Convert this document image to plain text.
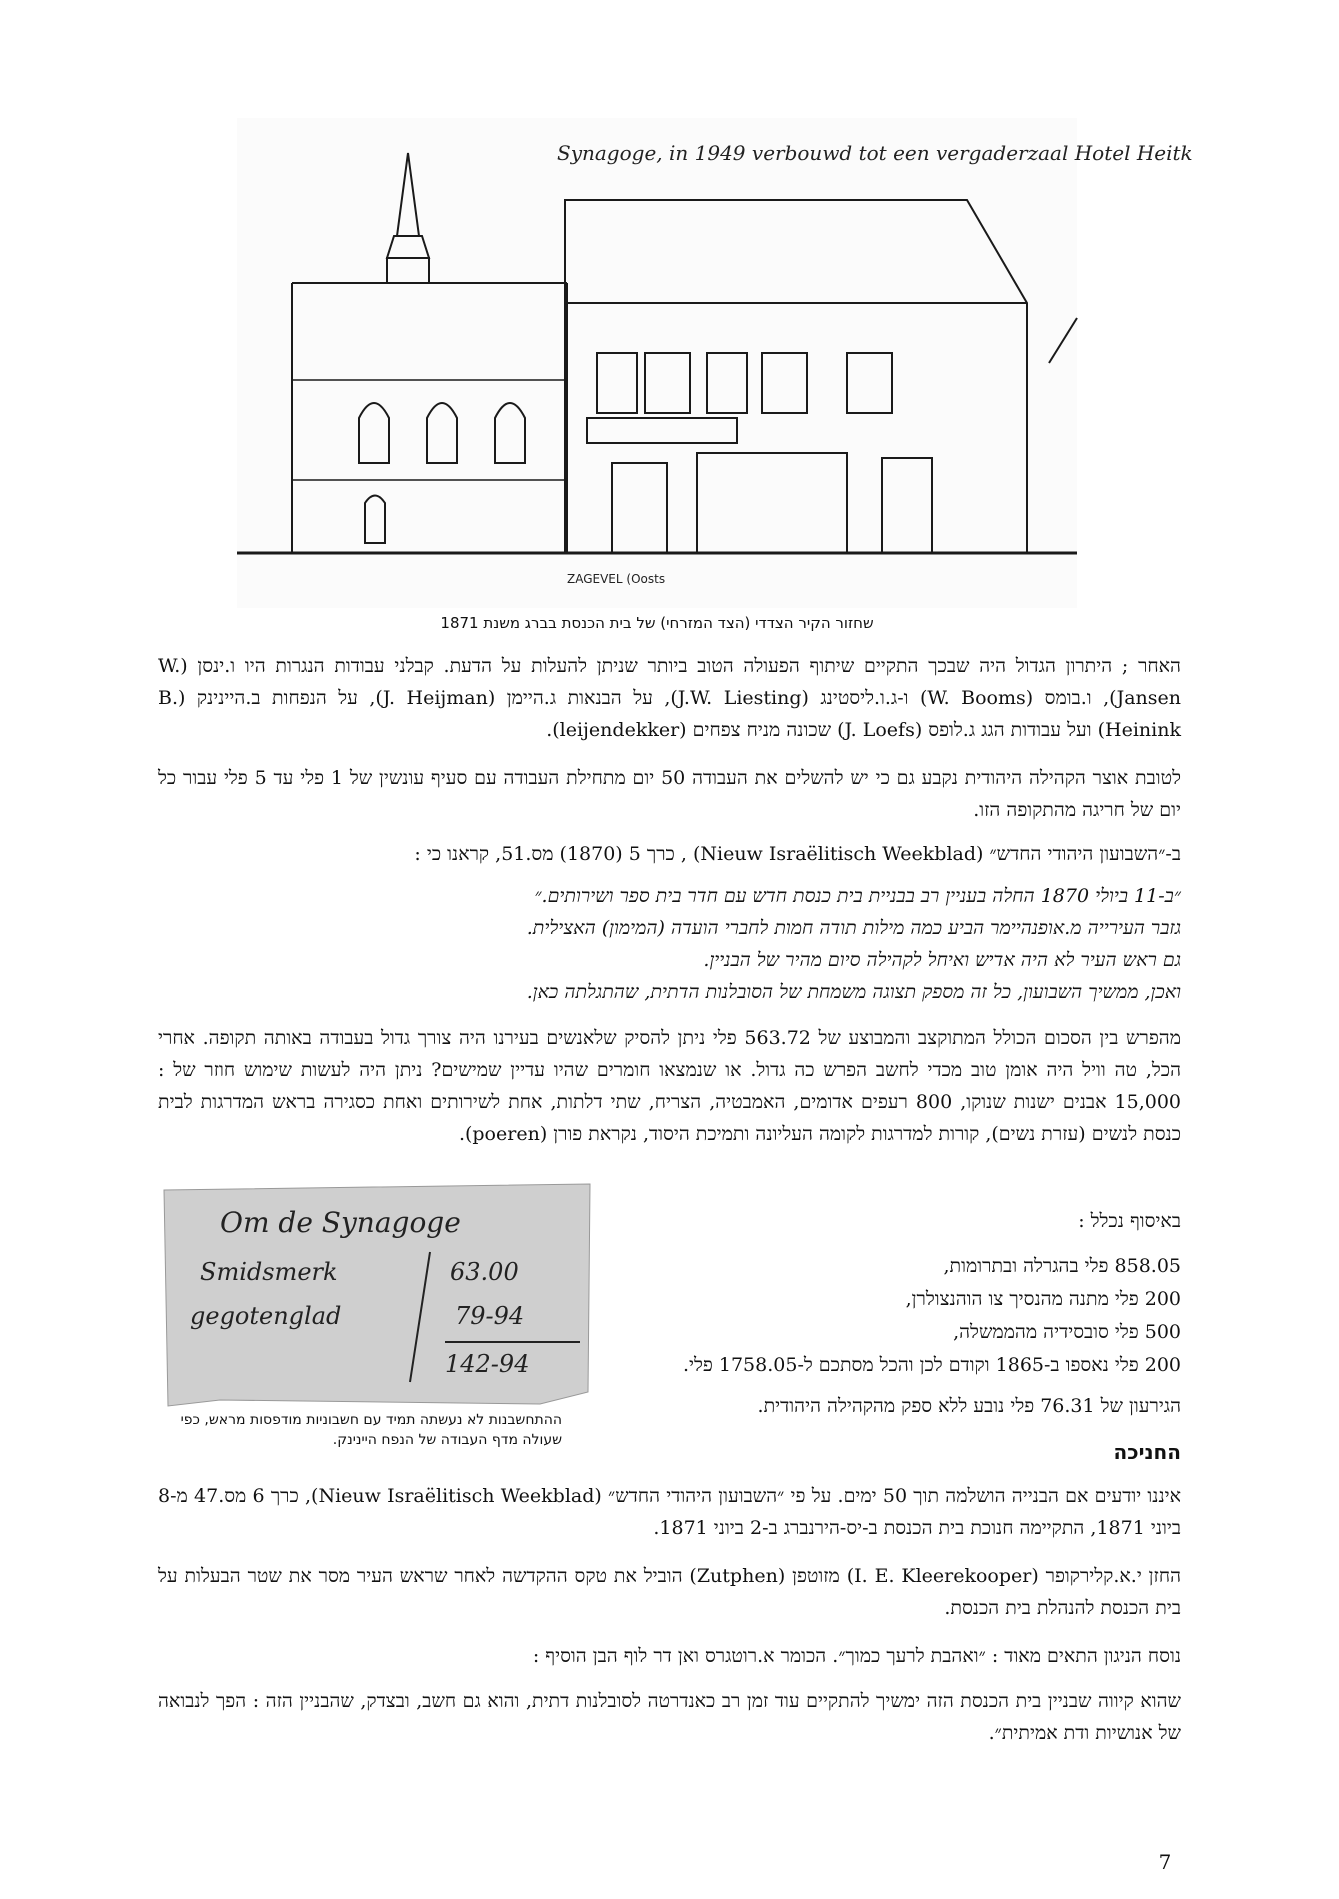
Synagoge, in 1949 verbouwd tot een vergaderzaal Hotel Heitk
ZAGEVEL (Oosts
שחזור הקיר הצדדי (הצד המזרחי) של בית הכנסת בברג משנת 1871

האחר ; היתרון הגדול היה שבכך התקיים שיתוף הפעולה הטוב ביותר שניתן להעלות על הדעת. קבלני עבודות הנגרות היו ו.ינסן (W. Jansen), ו.בומס (W. Booms) ו-ג.ו.ליסטינג (J.W. Liesting), על הבנאות ג.היימן (J. Heijman), על הנפחות ב.היינינק (B. Heinink) ועל עבודות הגג ג.לופס (J. Loefs) שכונה מניח צפחים (leijendekker).

לטובת אוצר הקהילה היהודית נקבע גם כי יש להשלים את העבודה 50 יום מתחילת העבודה עם סעיף עונשין של 1 פלי עד 5 פלי עבור כל יום של חריגה מהתקופה הזו.

ב-״השבועון היהודי החדש״ (Nieuw Israëlitisch Weekblad) , כרך 5 (1870) מס.51, קראנו כי :

״ב-11 ביולי 1870 החלה בעניין רב בבניית בית כנסת חדש עם חדר בית ספר ושירותים.״
גזבר העירייה מ.אופנהיימר הביע כמה מילות תודה חמות לחברי הועדה (המימון) האצילית.
גם ראש העיר לא היה אדיש ואיחל לקהילה סיום מהיר של הבניין.
ואכן, ממשיך השבועון, כל זה מספק תצוגה משמחת של הסובלנות הדתית, שהתגלתה כאן.

מהפרש בין הסכום הכולל המתוקצב והמבוצע של 563.72 פלי ניתן להסיק שלאנשים בעירנו היה צורך גדול בעבודה באותה תקופה. אחרי הכל, טה וויל היה אומן טוב מכדי לחשב הפרש כה גדול. או שנמצאו חומרים שהיו עדיין שמישים? ניתן היה לעשות שימוש חוזר של : 15,000 אבנים ישנות שנוקו, 800 רעפים אדומים, האמבטיה, הצריח, שתי דלתות, אחת לשירותים ואחת כסגירה בראש המדרגות לבית כנסת לנשים (עזרת נשים), קורות למדרגות לקומה העליונה ותמיכת היסוד, נקראת פורן (poeren).

Om de Synagoge
Smidsmerk
gegotenglad
63.00
79-94
142-94
ההתחשבנות לא נעשתה תמיד עם חשבוניות מודפסות מראש, כפי שעולה מדף העבודה של הנפח היינינק.

באיסוף נכלל :

858.05 פלי בהגרלה ובתרומות,
200 פלי מתנה מהנסיך צו הוהנצולרן,
500 פלי סובסידיה מהממשלה,
200 פלי נאספו ב-1865 וקודם לכן והכל מסתכם ל-1758.05 פלי.

הגירעון של 76.31 פלי נובע ללא ספק מהקהילה היהודית.

החניכה

איננו יודעים אם הבנייה הושלמה תוך 50 ימים. על פי ״השבועון היהודי החדש״ (Nieuw Israëlitisch Weekblad), כרך 6 מס.47 מ-8 ביוני 1871, התקיימה חנוכת בית הכנסת ב-יס-הירנברג ב-2 ביוני 1871.

החזן י.א.קלירקופר (I. E. Kleerekooper) מזוטפן (Zutphen) הוביל את טקס ההקדשה לאחר שראש העיר מסר את שטר הבעלות על בית הכנסת להנהלת בית הכנסת.

נוסח הניגון התאים מאוד : ״ואהבת לרעך כמוך״. הכומר א.רוטגרס ואן דר לוף הבן הוסיף :

שהוא קיווה שבניין בית הכנסת הזה ימשיך להתקיים עוד זמן רב כאנדרטה לסובלנות דתית, והוא גם חשב, ובצדק, שהבניין הזה : הפך לנבואה של אנושיות ודת אמיתית״.

7
